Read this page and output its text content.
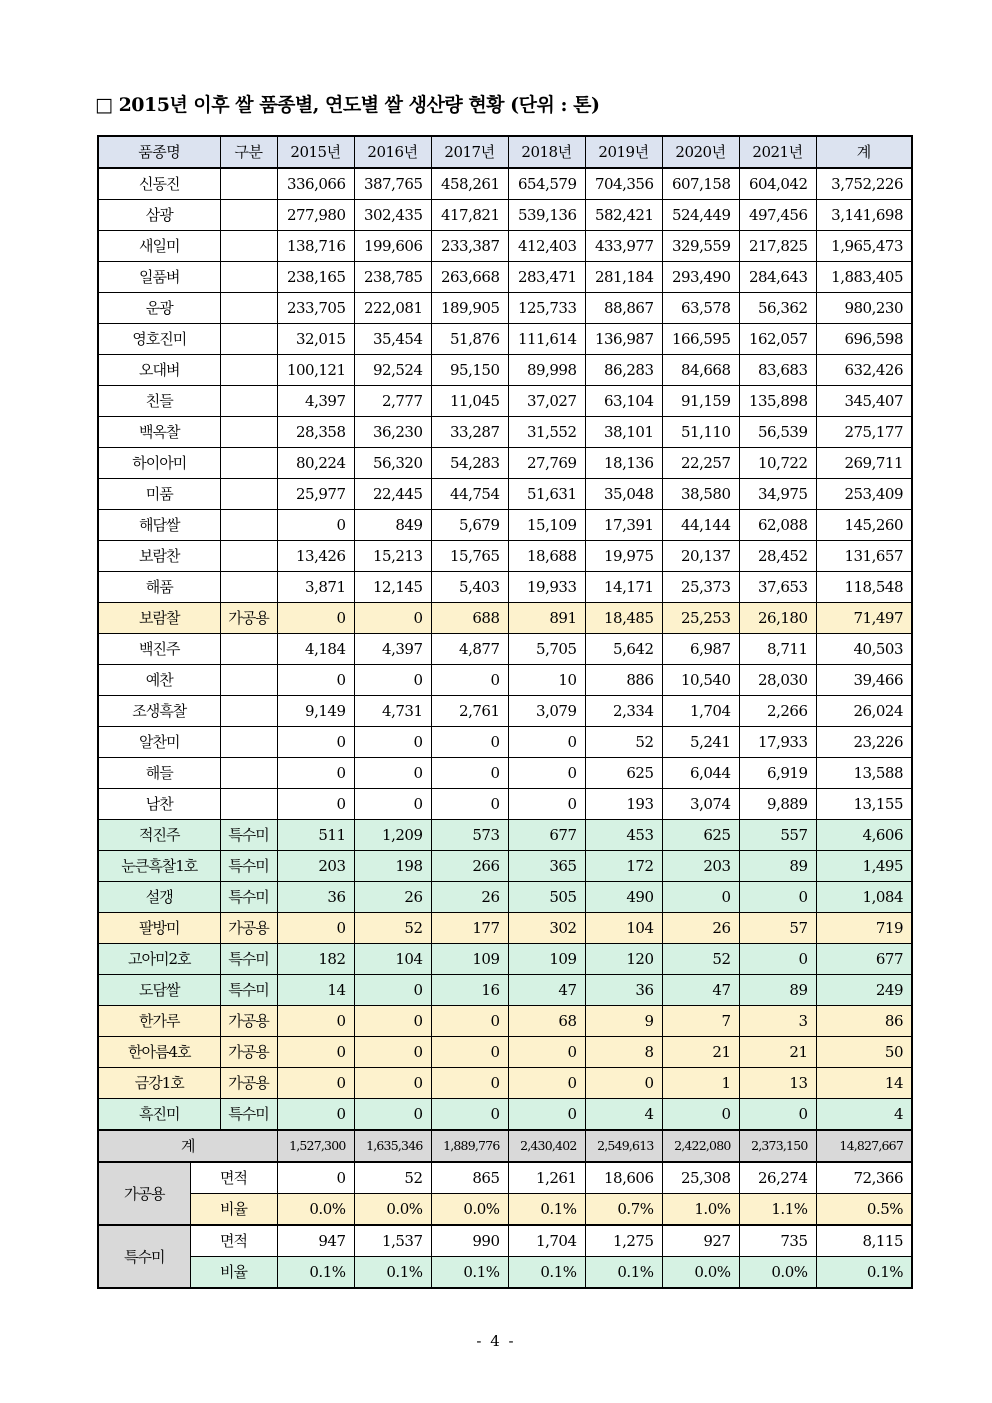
□ 2015년 이후 쌀 품종별, 연도별 쌀 생산량 현황 (단위 : 톤)
품종명	구분	2015년	2016년	2017년	2018년	2019년	2020년	2021년	계
신동진		336,066	387,765	458,261	654,579	704,356	607,158	604,042	3,752,226
삼광		277,980	302,435	417,821	539,136	582,421	524,449	497,456	3,141,698
새일미		138,716	199,606	233,387	412,403	433,977	329,559	217,825	1,965,473
일품벼		238,165	238,785	263,668	283,471	281,184	293,490	284,643	1,883,405
운광		233,705	222,081	189,905	125,733	88,867	63,578	56,362	980,230
영호진미		32,015	35,454	51,876	111,614	136,987	166,595	162,057	696,598
오대벼		100,121	92,524	95,150	89,998	86,283	84,668	83,683	632,426
친들		4,397	2,777	11,045	37,027	63,104	91,159	135,898	345,407
백옥찰		28,358	36,230	33,287	31,552	38,101	51,110	56,539	275,177
하이아미		80,224	56,320	54,283	27,769	18,136	22,257	10,722	269,711
미품		25,977	22,445	44,754	51,631	35,048	38,580	34,975	253,409
해담쌀		0	849	5,679	15,109	17,391	44,144	62,088	145,260
보람찬		13,426	15,213	15,765	18,688	19,975	20,137	28,452	131,657
해품		3,871	12,145	5,403	19,933	14,171	25,373	37,653	118,548
보람찰	가공용	0	0	688	891	18,485	25,253	26,180	71,497
백진주		4,184	4,397	4,877	5,705	5,642	6,987	8,711	40,503
예찬		0	0	0	10	886	10,540	28,030	39,466
조생흑찰		9,149	4,731	2,761	3,079	2,334	1,704	2,266	26,024
알찬미		0	0	0	0	52	5,241	17,933	23,226
해들		0	0	0	0	625	6,044	6,919	13,588
남찬		0	0	0	0	193	3,074	9,889	13,155
적진주	특수미	511	1,209	573	677	453	625	557	4,606
눈큰흑찰1호	특수미	203	198	266	365	172	203	89	1,495
설갱	특수미	36	26	26	505	490	0	0	1,084
팔방미	가공용	0	52	177	302	104	26	57	719
고아미2호	특수미	182	104	109	109	120	52	0	677
도담쌀	특수미	14	0	16	47	36	47	89	249
한가루	가공용	0	0	0	68	9	7	3	86
한아름4호	가공용	0	0	0	0	8	21	21	50
금강1호	가공용	0	0	0	0	0	1	13	14
흑진미	특수미	0	0	0	0	4	0	0	4
계		1,527,300	1,635,346	1,889,776	2,430,402	2,549,613	2,422,080	2,373,150	14,827,667
가공용	면적	0	52	865	1,261	18,606	25,308	26,274	72,366
	비율	0.0%	0.0%	0.0%	0.1%	0.7%	1.0%	1.1%	0.5%
특수미	면적	947	1,537	990	1,704	1,275	927	735	8,115
	비율	0.1%	0.1%	0.1%	0.1%	0.1%	0.0%	0.0%	0.1%
- 4 -
